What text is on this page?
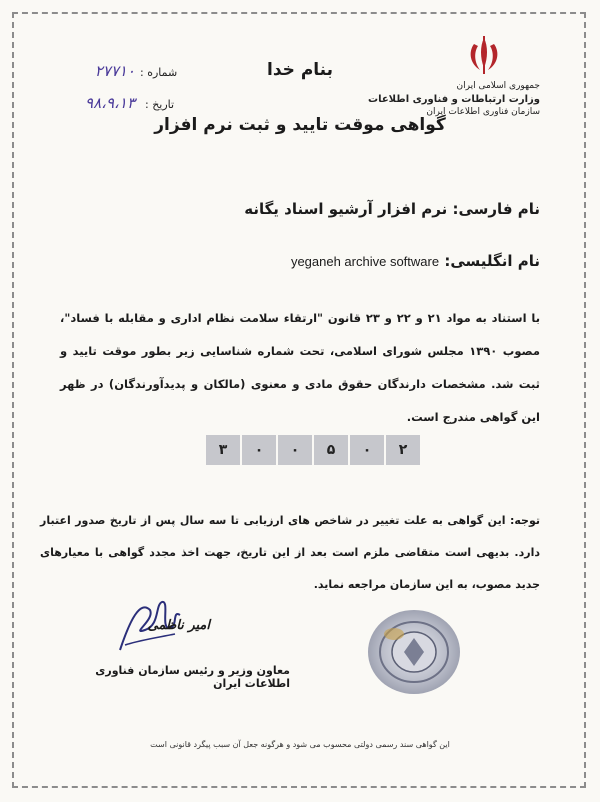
جمهوری اسلامی ایران
وزارت ارتباطات و فناوری اطلاعات
سازمان فناوری اطلاعات ایران
بنام خدا
گواهی موقت تایید و ثبت نرم افزار
شماره :
۲۷۷۱۰
تاریخ :
۹۸،۹،۱۳
نام فارسی: نرم افزار آرشیو اسناد یگانه
نام انگلیسی: yeganeh archive software
با استناد به مواد ۲۱ و ۲۲ و ۲۳ قانون "ارتقاء سلامت نظام اداری و مقابله با فساد"، مصوب ۱۳۹۰ مجلس شورای اسلامی، تحت شماره شناسایی زیر بطور موقت تایید و ثبت شد. مشخصات دارندگان حقوق مادی و معنوی (مالکان و پدیدآورندگان) در ظهر این گواهی مندرج است.
۳	۰	۰	۵	۰	۲
توجه: این گواهی به علت تغییر در شاخص های ارزیابی تا سه سال پس از تاریخ صدور اعتبار دارد. بدیهی است متقاضی ملزم است بعد از این تاریخ، جهت اخذ مجدد گواهی با معیارهای جدید مصوب، به این سازمان مراجعه نماید.
امیر ناظمی
معاون وزیر و رئیس سازمان فناوری اطلاعات ایران
این گواهی سند رسمی دولتی محسوب می شود و هرگونه جعل آن سبب پیگرد قانونی است
